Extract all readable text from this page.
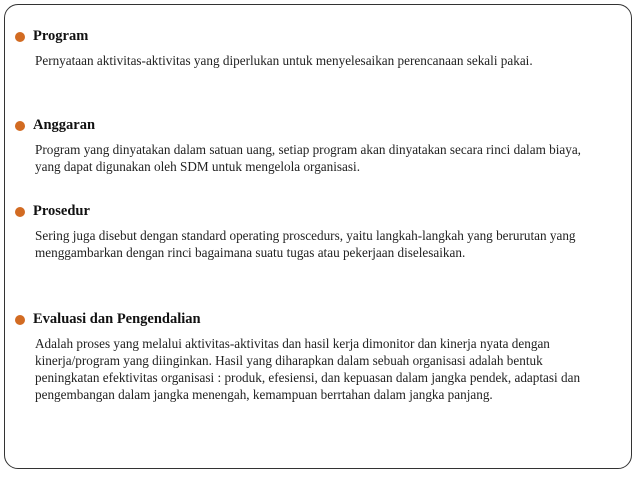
Program
Pernyataan aktivitas-aktivitas yang diperlukan untuk menyelesaikan perencanaan sekali pakai.
Anggaran
Program yang dinyatakan dalam satuan uang, setiap program akan dinyatakan secara rinci dalam biaya, yang dapat digunakan oleh SDM untuk mengelola organisasi.
Prosedur
Sering juga disebut dengan standard operating proscedurs, yaitu langkah-langkah yang berurutan yang menggambarkan dengan rinci bagaimana suatu tugas atau pekerjaan diselesaikan.
Evaluasi dan Pengendalian
Adalah proses yang melalui aktivitas-aktivitas dan hasil kerja dimonitor dan kinerja nyata dengan kinerja/program yang diinginkan. Hasil yang diharapkan dalam sebuah organisasi adalah bentuk peningkatan efektivitas organisasi : produk, efesiensi, dan kepuasan dalam jangka pendek, adaptasi dan pengembangan dalam jangka menengah, kemampuan berrtahan dalam jangka panjang.
